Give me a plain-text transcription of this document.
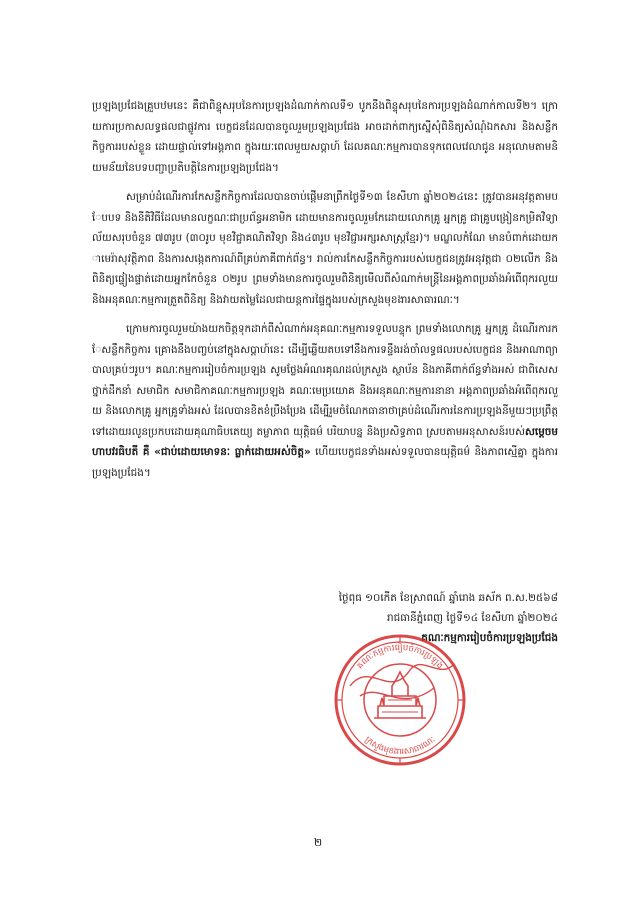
ប្រឡងប្រជែងគ្រួបឋមនេះ គឺជាពិន្ទុសរុបនៃការប្រឡងដំណាក់កាលទី១ បូកនឹងពិន្ទុសរុបនៃការប្រឡងដំណាក់កាលទី២។ ក្រោយការប្រកាសលទ្ធផលជាផ្លូវការ បេក្ខជនដែលបានចូលរួមប្រឡងប្រជែង អាចដាក់ពាក្យស្នើសុំពិនិត្យសំណុំឯកសារ និងសន្លឹកកិច្ចការរបស់ខ្លួន ដោយផ្ទាល់ទៅអង្គភាព ក្នុងរយៈពេលមួយសប្តាហ៍ ដែលគណៈកម្មការបានទុកពេលវេលាជូន អនុលោមតាមនិយមន័យនៃបទបញ្ជាប្រតិបត្តិនៃការប្រឡងប្រជែង។

សម្រាប់ដំណើរការកែសន្លឹកកិច្ចការដែលបានចាប់ផ្តើមនាព្រឹកថ្ងៃទី១៣ ខែសីហា ឆ្នាំ២០២៤នេះ ត្រូវបានអនុវត្តតាមបែបបទ និងនីតិវិធីដែលមានលក្ខណៈជាប្រព័ន្ធអនាមិក ដោយមានការចូលរួមកែដោយលោកគ្រូ អ្នកគ្រូ ជាគ្រូបង្រៀនកម្រិតវិទ្យាល័យសរុបចំនួន ៧៣រូប (៣០រូប មុខវិជ្ជាគណិតវិទ្យា និង៤៣រូប មុខវិជ្ជាអក្សរសាស្ត្រខ្មែរ)។ មណ្ឌលកំណែ មានបំពាក់ដោយកាមេរ៉ាសុវត្ថិភាព និងការសង្កេតការណ៍ពីគ្រប់ភាគីពាក់ព័ន្ធ។ រាល់ការកែសន្លឹកកិច្ចការរបស់បេក្ខជនត្រូវអនុវត្តជា ០២លើក និងពិនិត្យផ្ទៀងផ្ទាត់ដោយអ្នកកែចំនួន ០២រូប ព្រមទាំងមានការចូលរួមពិនិត្យមើលពីសំណាក់មន្ត្រីនៃអង្គភាពប្រឆាំងអំពើពុករលួយ និងអនុគណៈកម្មការត្រួតពិនិត្យ និងវាយតម្លៃដែលជាយន្តការផ្ទៃក្នុងរបស់ក្រសួងមុខងារសាធារណៈ។

ក្រោមការចូលរួមយ៉ាងយកចិត្តទុកដាក់ពីសំណាក់អនុគណៈកម្មការទទួលបន្ទុក ព្រមទាំងលោកគ្រូ អ្នកគ្រូ ដំណើរការកែសន្លឹកកិច្ចការ គ្រោងនឹងបញ្ចប់នៅក្នុងសប្តាហ៍នេះ ដើម្បីឆ្លើយតបទៅនឹងការទន្ទឹងរង់ចាំលទ្ធផលរបស់បេក្ខជន និងអាណាព្យាបាលគ្រប់ៗរូប។ គណៈកម្មការរៀបចំការប្រឡង សូមថ្លែងអំណរគុណដល់ក្រសួង ស្ថាប័ន និងភាគីពាក់ព័ន្ធទាំងអស់ ជាពិសេសថ្នាក់ដឹកនាំ សមាជិក សមាជិកាគណៈកម្មការប្រឡង គណៈមេប្រយោគ និងអនុគណៈកម្មការនានា អង្គភាពប្រឆាំងអំពើពុករលួយ និងលោកគ្រូ អ្នកគ្រូទាំងអស់ ដែលបានខិតខំប្រឹងប្រែង ដើម្បីរួមចំណែកធានាថាគ្រប់ដំណើរការនៃការប្រឡងនីមួយៗប្រព្រឹត្តទៅដោយរលូនប្រកបដោយគុណាធិបតេយ្យ តម្លាភាព យុត្តិធម៌ បរិយាបន្ន និងប្រសិទ្ធភាព ស្របតាមអនុសាសន៍របស់សម្តេចមហាបវរធិបតី គឺ «ជាប់ដោយមោទនៈ ធ្លាក់ដោយអស់ចិត្ត» ហើយបេក្ខជនទាំងអស់ទទួលបានយុត្តិធម៌ និងភាពស្មើគ្នា ក្នុងការប្រឡងប្រជែង។

ថ្ងៃពុធ ១០កើត ខែស្រាពណ៍ ឆ្នាំរោង ឆស័ក ព.ស.២៥៦៨
រាជធានីភ្នំពេញ ថ្ងៃទី១៤ ខែសីហា ឆ្នាំ២០២៤
គណៈកម្មការរៀបចំការប្រឡងប្រជែង
គណៈកម្មការរៀបចំការប្រឡង
ក្រសួងមុខងារសាធារណៈ
២
